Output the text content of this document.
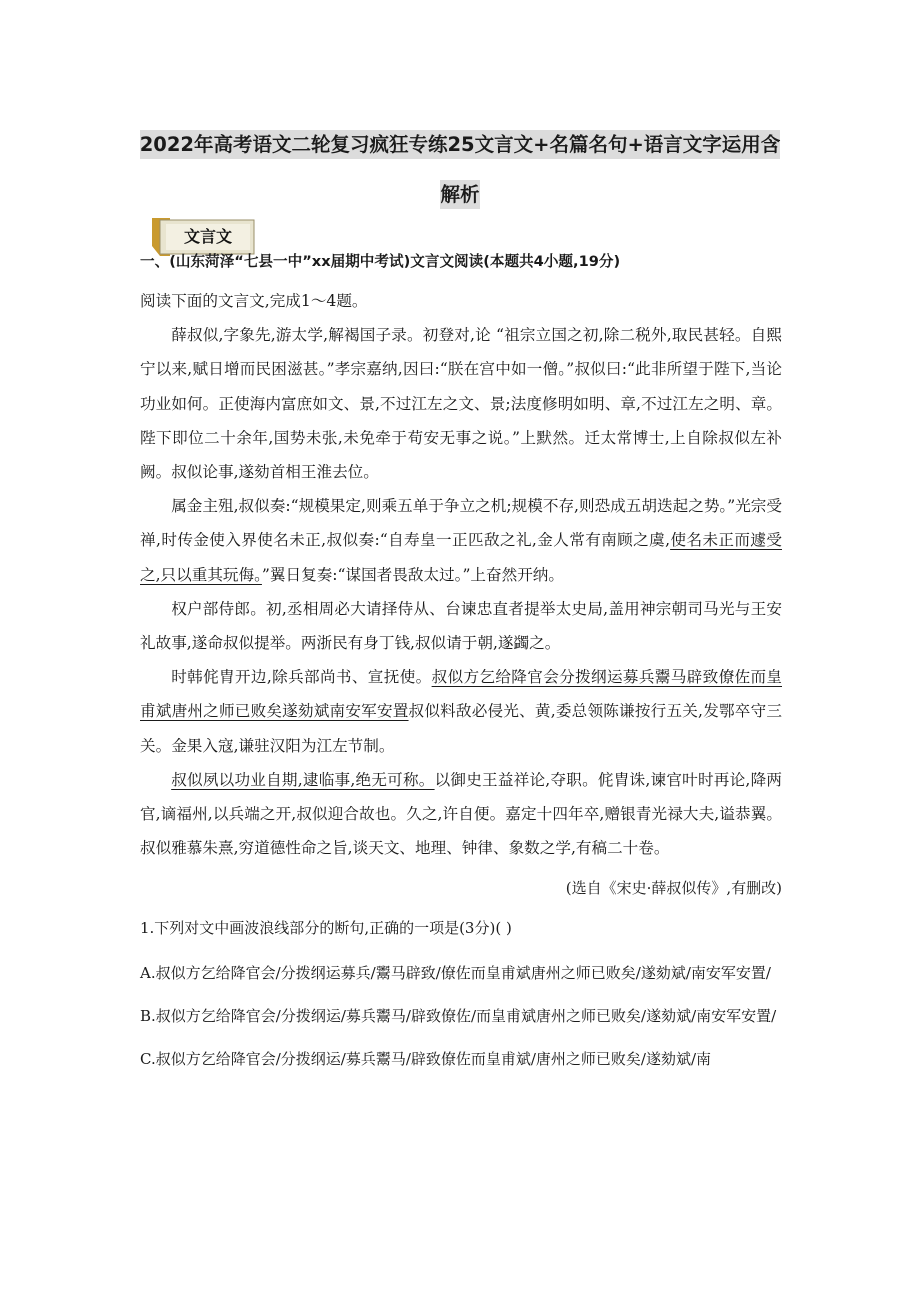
2022年高考语文二轮复习疯狂专练25文言文+名篇名句+语言文字运用含
解析
文言文
一、(山东菏泽“七县一中”xx届期中考试)文言文阅读(本题共4小题,19分)

阅读下面的文言文,完成1～4题。

薛叔似,字象先,游太学,解褐国子录。初登对,论 “祖宗立国之初,除二税外,取民甚轻。自熙宁以来,赋日增而民困滋甚。”孝宗嘉纳,因曰:“朕在宫中如一僧。”叔似曰:“此非所望于陛下,当论功业如何。正使海内富庶如文、景,不过江左之文、景;法度修明如明、章,不过江左之明、章。陛下即位二十余年,国势未张,未免牵于苟安无事之说。”上默然。迁太常博士,上自除叔似左补阙。叔似论事,遂劾首相王淮去位。

属金主殂,叔似奏:“规模果定,则乘五单于争立之机;规模不存,则恐成五胡迭起之势。”光宗受禅,时传金使入界使名未正,叔似奏:“自寿皇一正匹敌之礼,金人常有南顾之虞,使名未正而遽受之,只以重其玩侮。”翼日复奏:“谋国者畏敌太过。”上奋然开纳。

权户部侍郎。初,丞相周必大请择侍从、台谏忠直者提举太史局,盖用神宗朝司马光与王安礼故事,遂命叔似提举。两浙民有身丁钱,叔似请于朝,遂蠲之。

时韩侂胄开边,除兵部尚书、宣抚使。叔似方乞给降官会分拨纲运募兵鬻马辟致僚佐而皇甫斌唐州之师已败矣遂劾斌南安军安置叔似料敌必侵光、黄,委总领陈谦按行五关,发鄂卒守三关。金果入寇,谦驻汉阳为江左节制。

叔似夙以功业自期,逮临事,绝无可称。以御史王益祥论,夺职。侂胄诛,谏官叶时再论,降两官,谪福州,以兵端之开,叔似迎合故也。久之,许自便。嘉定十四年卒,赠银青光禄大夫,谥恭翼。叔似雅慕朱熹,穷道德性命之旨,谈天文、地理、钟律、象数之学,有稿二十卷。

(选自《宋史·薛叔似传》,有删改)
1.下列对文中画波浪线部分的断句,正确的一项是(3分)( )
A.叔似方乞给降官会/分拨纲运募兵/鬻马辟致/僚佐而皇甫斌唐州之师已败矣/遂劾斌/南安军安置/
B.叔似方乞给降官会/分拨纲运/募兵鬻马/辟致僚佐/而皇甫斌唐州之师已败矣/遂劾斌/南安军安置/
C.叔似方乞给降官会/分拨纲运/募兵鬻马/辟致僚佐而皇甫斌/唐州之师已败矣/遂劾斌/南
